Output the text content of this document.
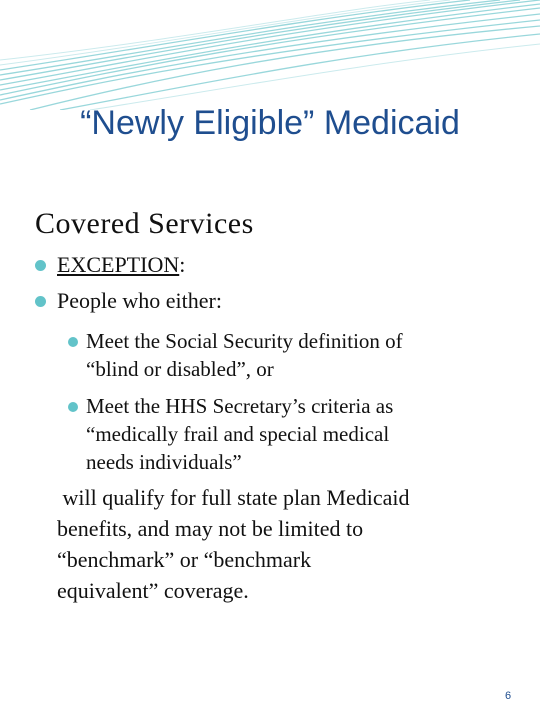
“Newly Eligible” Medicaid
Covered Services
EXCEPTION:
People who either:
Meet the Social Security definition of
“blind or disabled”, or
Meet the HHS Secretary’s criteria as
“medically frail and special medical
needs individuals”
will qualify for full state plan Medicaid
benefits, and may not be limited to
“benchmark” or “benchmark
equivalent” coverage.
6
